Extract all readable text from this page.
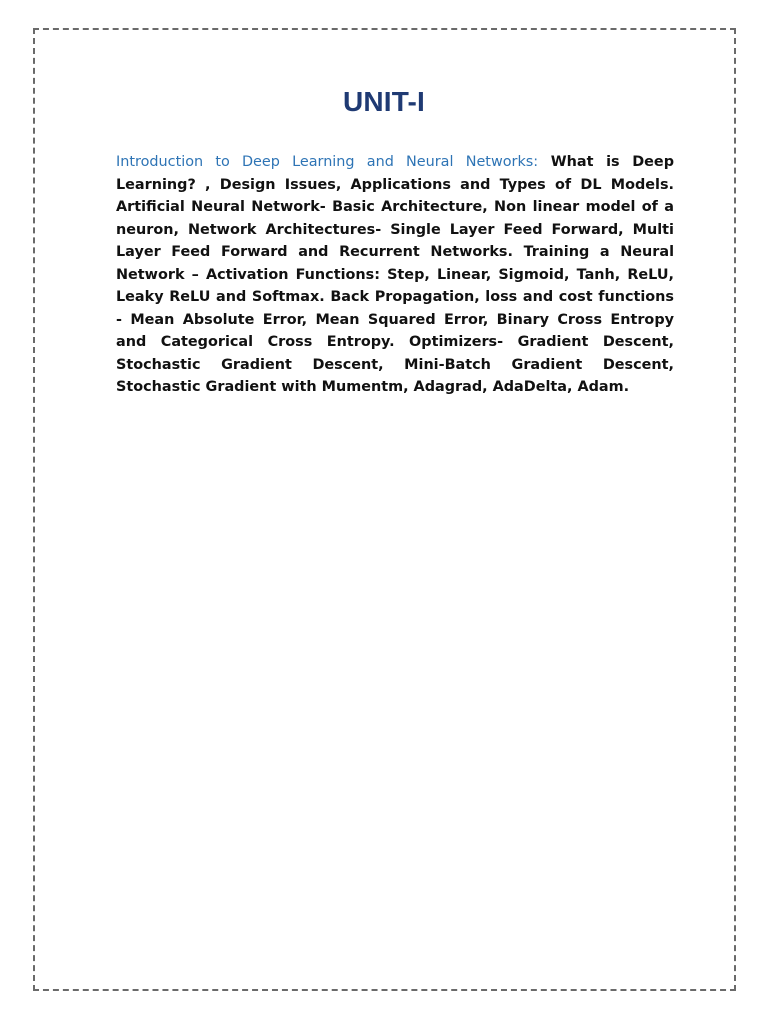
UNIT-I

Introduction to Deep Learning and Neural Networks: What is Deep Learning? , Design Issues, Applications and Types of DL Models. Artificial Neural Network- Basic Architecture, Non linear model of a neuron, Network Architectures- Single Layer Feed Forward, Multi Layer Feed Forward and Recurrent Networks. Training a Neural Network – Activation Functions: Step, Linear, Sigmoid, Tanh, ReLU, Leaky ReLU and Softmax. Back Propagation, loss and cost functions - Mean Absolute Error, Mean Squared Error, Binary Cross Entropy and Categorical Cross Entropy. Optimizers- Gradient Descent, Stochastic Gradient Descent, Mini-Batch Gradient Descent, Stochastic Gradient with Mumentm, Adagrad, AdaDelta, Adam.
